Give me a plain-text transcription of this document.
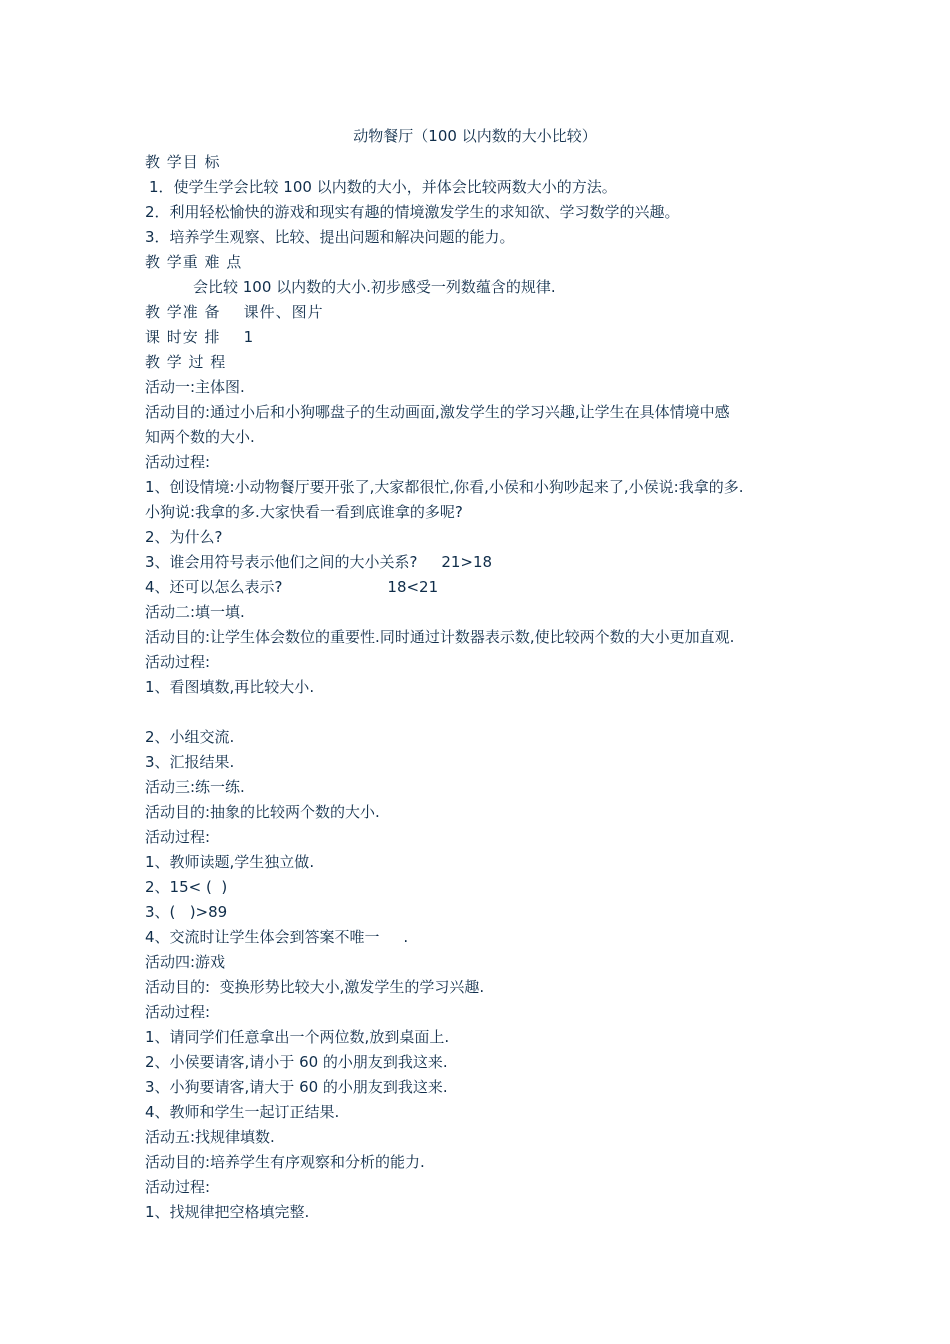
动物餐厅（100 以内数的大小比较）
教 学目 标
1．使学生学会比较 100 以内数的大小，并体会比较两数大小的方法。
2．利用轻松愉快的游戏和现实有趣的情境激发学生的求知欲、学习数学的兴趣。
3．培养学生观察、比较、提出问题和解决问题的能力。
教 学重 难 点
会比较 100 以内数的大小.初步感受一列数蕴含的规律.
教 学准 备    课件、图片
课 时安 排    1
教 学 过 程
活动一:主体图.
活动目的:通过小后和小狗哪盘子的生动画面,激发学生的学习兴趣,让学生在具体情境中感
知两个数的大小.
活动过程:
1、创设情境:小动物餐厅要开张了,大家都很忙,你看,小侯和小狗吵起来了,小侯说:我拿的多.
小狗说:我拿的多.大家快看一看到底谁拿的多呢?
2、为什么?
3、谁会用符号表示他们之间的大小关系?     21>18
4、还可以怎么表示?                      18<21
活动二:填一填.
活动目的:让学生体会数位的重要性.同时通过计数器表示数,使比较两个数的大小更加直观.
活动过程:
1、看图填数,再比较大小.
2、小组交流.
3、汇报结果.
活动三:练一练.
活动目的:抽象的比较两个数的大小.
活动过程:
1、教师读题,学生独立做.
2、15< (  )
3、(   )>89
4、交流时让学生体会到答案不唯一     .
活动四:游戏
活动目的:  变换形势比较大小,激发学生的学习兴趣.
活动过程:
1、请同学们任意拿出一个两位数,放到桌面上.
2、小侯要请客,请小于 60 的小朋友到我这来.
3、小狗要请客,请大于 60 的小朋友到我这来.
4、教师和学生一起订正结果.
活动五:找规律填数.
活动目的:培养学生有序观察和分析的能力.
活动过程:
1、找规律把空格填完整.
